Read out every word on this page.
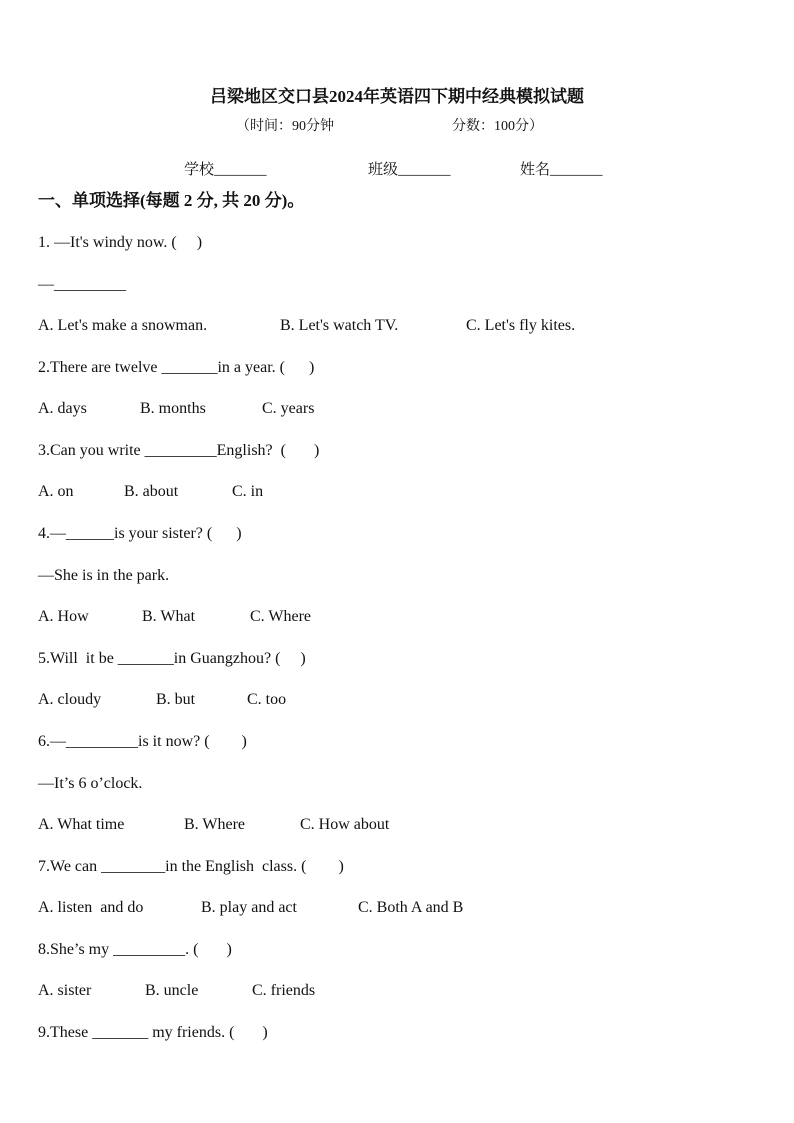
吕梁地区交口县2024年英语四下期中经典模拟试题
（时间：90分钟	分数：100分）
学校_______	班级_______	姓名_______
一、单项选择(每题 2 分, 共 20 分)。
1. —It's windy now. (     )
—_________
A. Let's make a snowman.	B. Let's watch TV.	C. Let's fly kites.
2.There are twelve _______in a year. (      )
A. days	B. months	C. years
3.Can you write _________English?  (       )
A. on	B. about	C. in
4.—______is your sister? (      )
—She is in the park.
A. How	B. What	C. Where
5.Will  it be _______in Guangzhou? (     )
A. cloudy	B. but	C. too
6.—_________is it now? (        )
—It’s 6 o’clock.
A. What time	B. Where	C. How about
7.We can ________in the English  class. (        )
A. listen  and do	B. play and act	C. Both A and B
8.She’s my _________. (       )
A. sister	B. uncle	C. friends
9.These _______ my friends. (       )
